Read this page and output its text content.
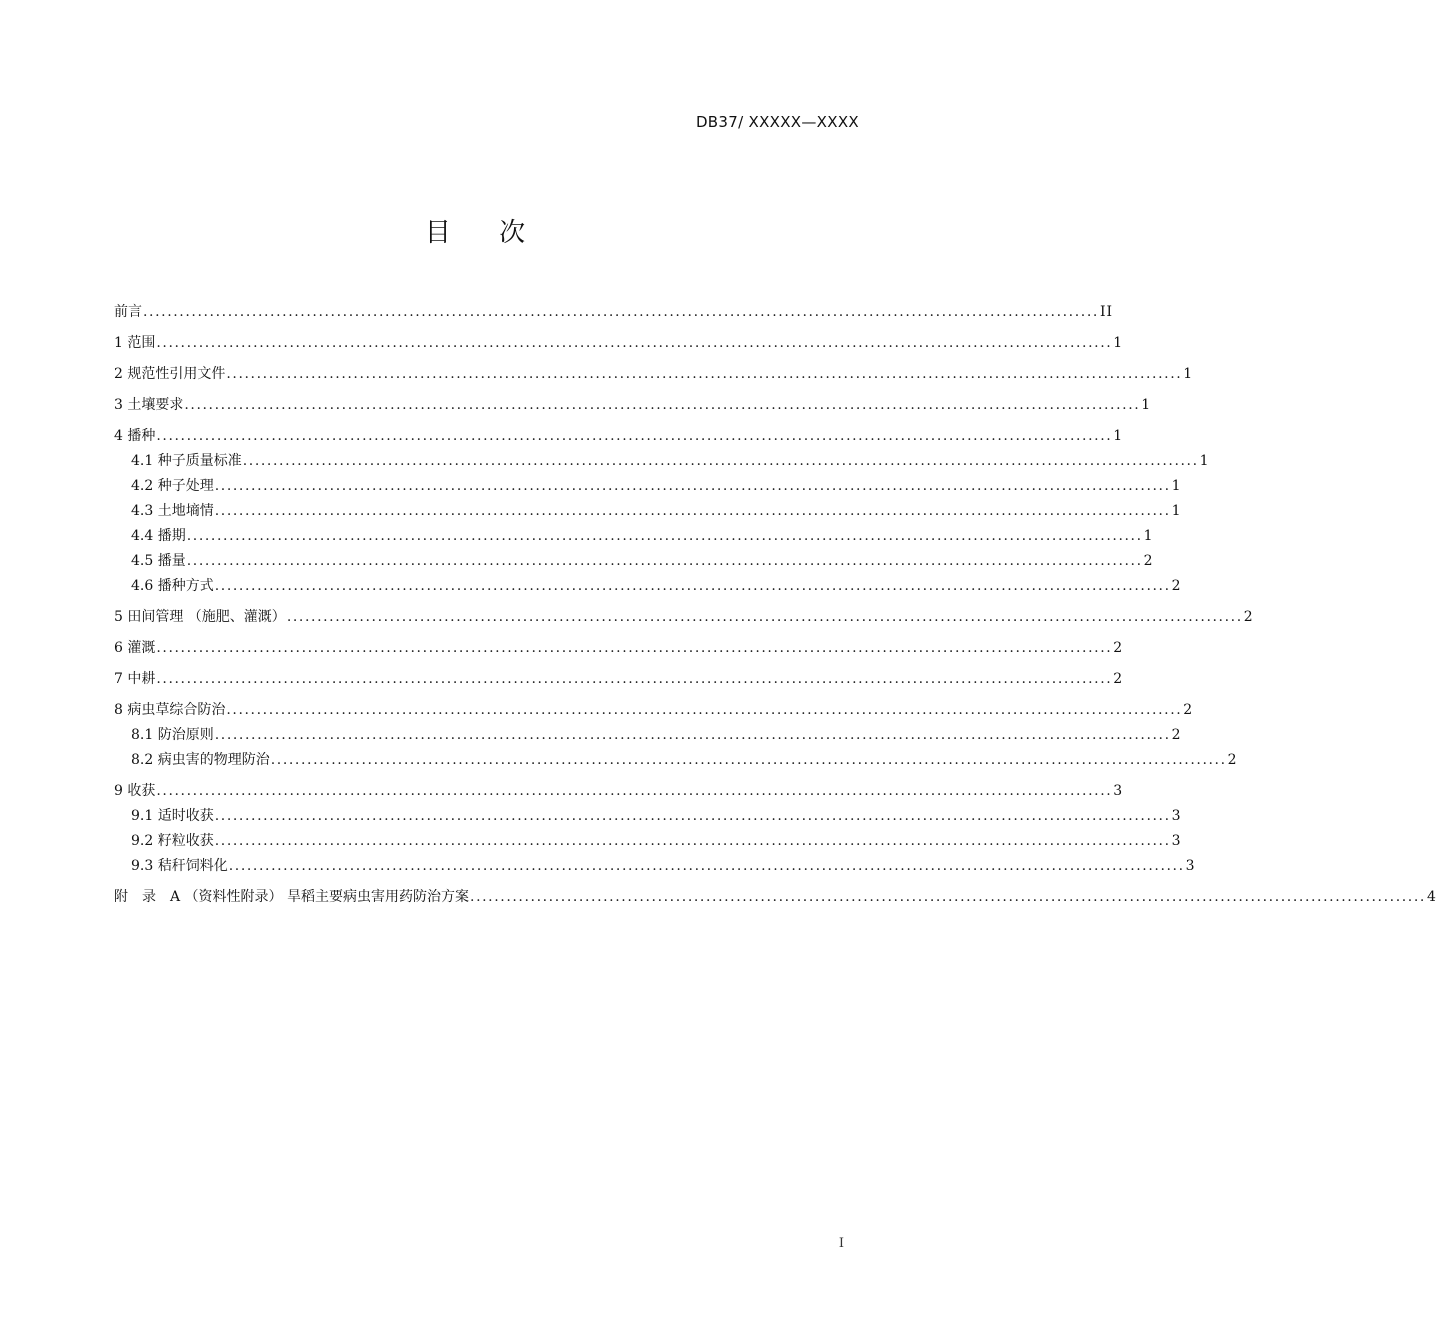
DB37/ XXXXX—XXXX
目 次
前言 .............................................................................................................................................................. II
1 范围 .............................................................................................................................................................. 1
2 规范性引用文件 .............................................................................................................................................................. 1
3 土壤要求 .............................................................................................................................................................. 1
4 播种 .............................................................................................................................................................. 1
4.1 种子质量标准 .............................................................................................................................................................. 1
4.2 种子处理 .............................................................................................................................................................. 1
4.3 土地墒情 .............................................................................................................................................................. 1
4.4 播期 .............................................................................................................................................................. 1
4.5 播量 .............................................................................................................................................................. 2
4.6 播种方式 .............................................................................................................................................................. 2
5 田间管理 （施肥、灌溉） .............................................................................................................................................................. 2
6 灌溉 .............................................................................................................................................................. 2
7 中耕 .............................................................................................................................................................. 2
8 病虫草综合防治 .............................................................................................................................................................. 2
8.1 防治原则 .............................................................................................................................................................. 2
8.2 病虫害的物理防治 .............................................................................................................................................................. 2
9 收获 .............................................................................................................................................................. 3
9.1 适时收获 .............................................................................................................................................................. 3
9.2 籽粒收获 .............................................................................................................................................................. 3
9.3 秸秆饲料化 .............................................................................................................................................................. 3
附　录　A （资料性附录） 旱稻主要病虫害用药防治方案 .............................................................................................................................................................. 4
I
